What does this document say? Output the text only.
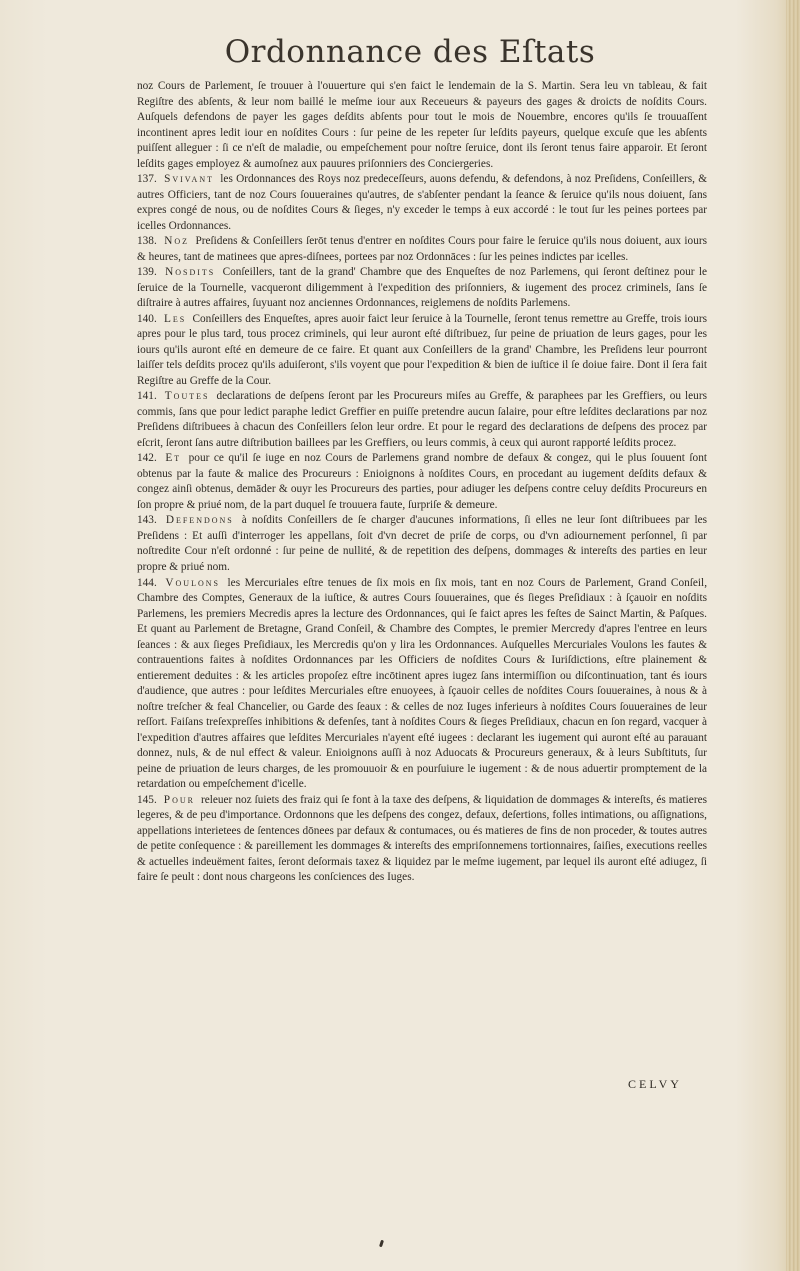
Ordonnance des Eſtats

noz Cours de Parlement, ſe trouuer à l'ouuerture qui s'en faict le lendemain de la S. Martin. Sera leu vn tableau, & fait Regiſtre des abſents, & leur nom baillé le meſme iour aux Receueurs & payeurs des gages & droicts de noſdits Cours. Auſquels defendons de payer les gages deſdits abſents pour tout le mois de Nouembre, encores qu'ils ſe trouuaſſent incontinent apres ledit iour en noſdites Cours : ſur peine de les repeter ſur leſdits payeurs, quelque excuſe que les abſents puiſſent alleguer : ſi ce n'eſt de maladie, ou empeſchement pour noſtre ſeruice, dont ils ſeront tenus faire apparoir. Et ſeront leſdits gages employez & aumoſnez aux pauures priſonniers des Conciergeries.

137. Svivant les Ordonnances des Roys noz predeceſſeurs, auons defendu, & defendons, à noz Preſidens, Conſeillers, & autres Officiers, tant de noz Cours ſouueraines qu'autres, de s'abſenter pendant la ſeance & ſeruice qu'ils nous doiuent, ſans expres congé de nous, ou de noſdites Cours & ſieges, n'y exceder le temps à eux accordé : le tout ſur les peines portees par icelles Ordonnances.

138. Noz Preſidens & Conſeillers ſerōt tenus d'entrer en noſdites Cours pour faire le ſeruice qu'ils nous doiuent, aux iours & heures, tant de matinees que apres-diſnees, portees par noz Ordonnāces : ſur les peines indictes par icelles.

139. Nosdits Conſeillers, tant de la grand' Chambre que des Enqueſtes de noz Parlemens, qui ſeront deſtinez pour le ſeruice de la Tournelle, vacqueront diligemment à l'expedition des priſonniers, & iugement des procez criminels, ſans ſe diſtraire à autres affaires, ſuyuant noz anciennes Ordonnances, reiglemens de noſdits Parlemens.

140. Les Conſeillers des Enqueſtes, apres auoir faict leur ſeruice à la Tournelle, ſeront tenus remettre au Greffe, trois iours apres pour le plus tard, tous procez criminels, qui leur auront eſté diſtribuez, ſur peine de priuation de leurs gages, pour les iours qu'ils auront eſté en demeure de ce faire. Et quant aux Conſeillers de la grand' Chambre, les Preſidens leur pourront laiſſer tels deſdits procez qu'ils aduiſeront, s'ils voyent que pour l'expedition & bien de iuſtice il ſe doiue faire. Dont il ſera fait Regiſtre au Greffe de la Cour.

141. Toutes declarations de deſpens ſeront par les Procureurs miſes au Greffe, & paraphees par les Greffiers, ou leurs commis, ſans que pour ledict paraphe ledict Greffier en puiſſe pretendre aucun ſalaire, pour eſtre leſdites declarations par noz Preſidens diſtribuees à chacun des Conſeillers ſelon leur ordre. Et pour le regard des declarations de deſpens des procez par eſcrit, ſeront ſans autre diſtribution baillees par les Greffiers, ou leurs commis, à ceux qui auront rapporté leſdits procez.

142. Et pour ce qu'il ſe iuge en noz Cours de Parlemens grand nombre de defaux & congez, qui le plus ſouuent ſont obtenus par la faute & malice des Procureurs : Enioignons à noſdites Cours, en procedant au iugement deſdits defaux & congez ainſi obtenus, demāder & ouyr les Procureurs des parties, pour adiuger les deſpens contre celuy deſdits Procureurs en ſon propre & priué nom, de la part duquel ſe trouuera faute, ſurpriſe & demeure.

143. Defendons à noſdits Conſeillers de ſe charger d'aucunes informations, ſi elles ne leur ſont diſtribuees par les Preſidens : Et auſſi d'interroger les appellans, ſoit d'vn decret de priſe de corps, ou d'vn adiournement perſonnel, ſi par noſtredite Cour n'eſt ordonné : ſur peine de nullité, & de repetition des deſpens, dommages & intereſts des parties en leur propre & priué nom.

144. Voulons les Mercuriales eſtre tenues de ſix mois en ſix mois, tant en noz Cours de Parlement, Grand Conſeil, Chambre des Comptes, Generaux de la iuſtice, & autres Cours ſouueraines, que és ſieges Preſidiaux : à ſçauoir en noſdits Parlemens, les premiers Mecredis apres la lecture des Ordonnances, qui ſe faict apres les feſtes de Sainct Martin, & Paſques. Et quant au Parlement de Bretagne, Grand Conſeil, & Chambre des Comptes, le premier Mercredy d'apres l'entree en leurs ſeances : & aux ſieges Preſidiaux, les Mercredis qu'on y lira les Ordonnances. Auſquelles Mercuriales Voulons les fautes & contrauentions faites à noſdites Ordonnances par les Officiers de noſdites Cours & Iuriſdictions, eſtre plainement & entierement deduites : & les articles propoſez eſtre incōtinent apres iugez ſans intermiſſion ou diſcontinuation, tant és iours d'audience, que autres : pour leſdites Mercuriales eſtre enuoyees, à ſçauoir celles de noſdites Cours ſouueraines, à nous & à noſtre treſcher & feal Chancelier, ou Garde des ſeaux : & celles de noz Iuges inferieurs à noſdites Cours ſouueraines de leur reſſort. Faiſans treſexpreſſes inhibitions & defenſes, tant à noſdites Cours & ſieges Preſidiaux, chacun en ſon regard, vacquer à l'expedition d'autres affaires que leſdites Mercuriales n'ayent eſté iugees : declarant les iugement qui auront eſté au parauant donnez, nuls, & de nul effect & valeur. Enioignons auſſi à noz Aduocats & Procureurs generaux, & à leurs Subſtituts, ſur peine de priuation de leurs charges, de les promouuoir & en pourſuiure le iugement : & de nous aduertir promptement de la retardation ou empeſchement d'icelle.

145. Pour releuer noz ſuiets des fraiz qui ſe font à la taxe des deſpens, & liquidation de dommages & intereſts, és matieres legeres, & de peu d'importance. Ordonnons que les deſpens des congez, defaux, deſertions, folles intimations, ou aſſignations, appellations interietees de ſentences dōnees par defaux & contumaces, ou és matieres de fins de non proceder, & toutes autres de petite conſequence : & pareillement les dommages & intereſts des empriſonnemens tortionnaires, ſaiſies, executions reelles & actuelles indeuëment faites, ſeront deſormais taxez & liquidez par le meſme iugement, par lequel ils auront eſté adiugez, ſi faire ſe peult : dont nous chargeons les conſciences des Iuges.

CELVY
